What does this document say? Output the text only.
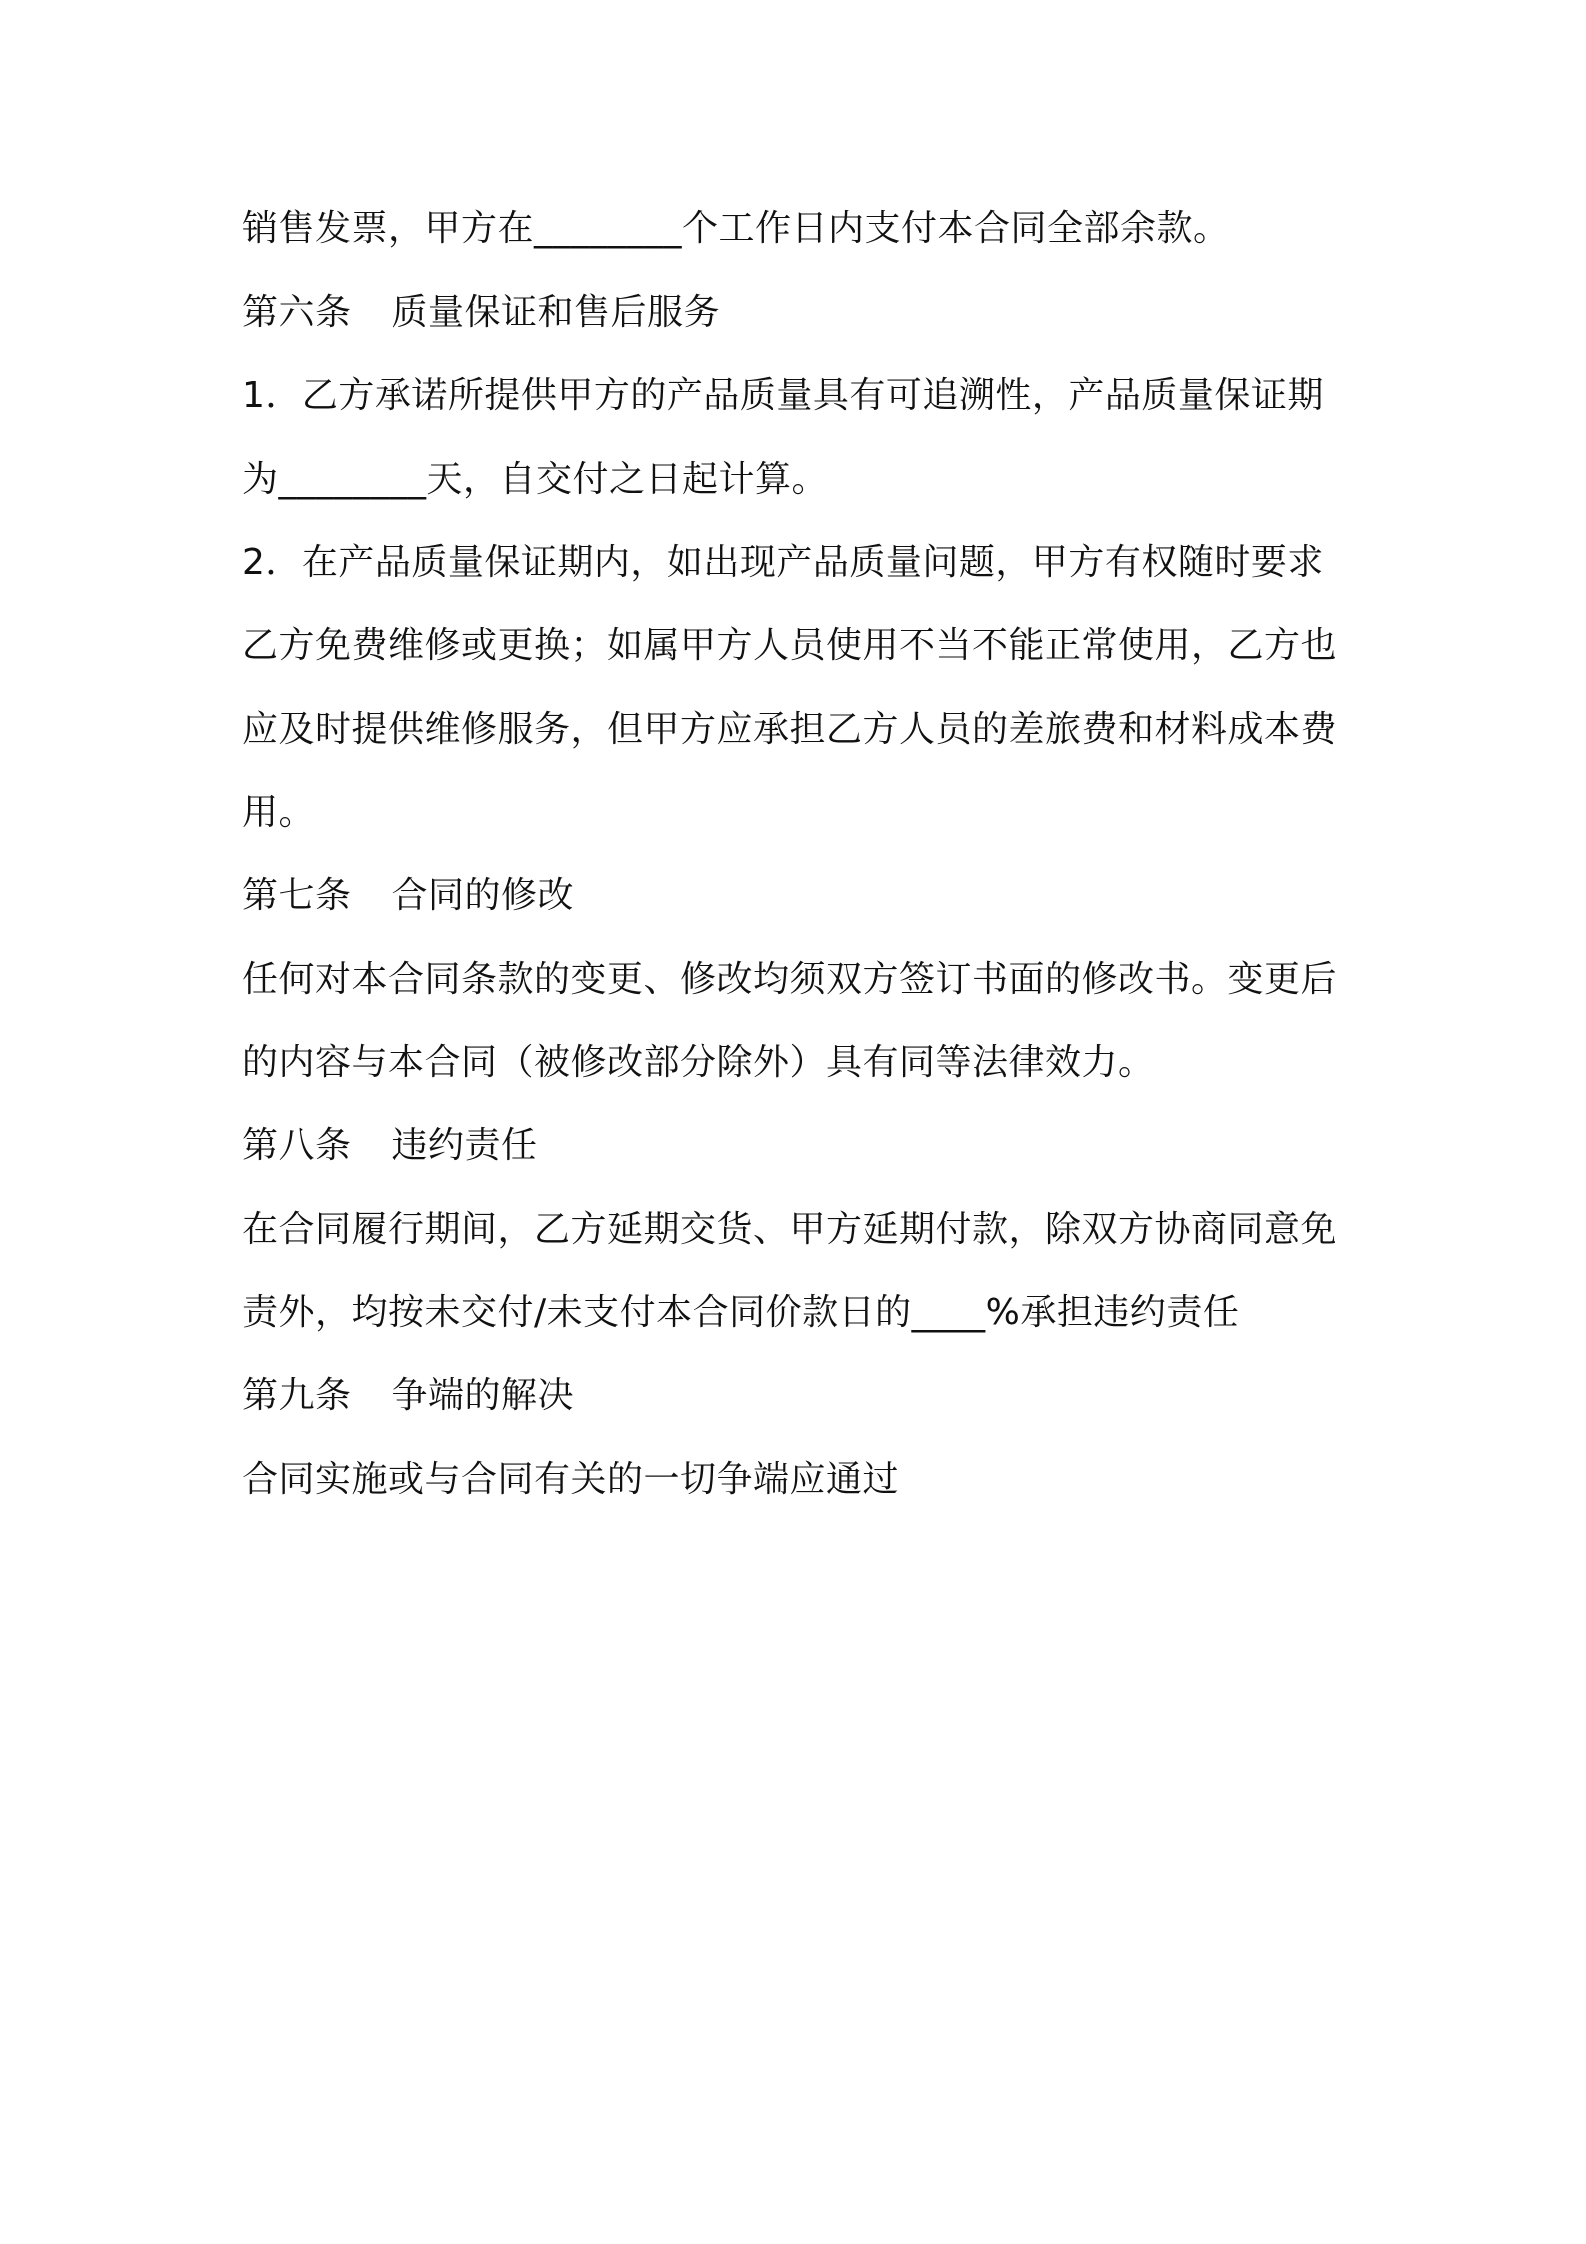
销售发票，甲方在________个工作日内支付本合同全部余款。
第六条 质量保证和售后服务
1．乙方承诺所提供甲方的产品质量具有可追溯性，产品质量保证期
为________天，自交付之日起计算。
2．在产品质量保证期内，如出现产品质量问题，甲方有权随时要求
乙方免费维修或更换；如属甲方人员使用不当不能正常使用，乙方也
应及时提供维修服务，但甲方应承担乙方人员的差旅费和材料成本费
用。
第七条 合同的修改
任何对本合同条款的变更、修改均须双方签订书面的修改书。变更后
的内容与本合同（被修改部分除外）具有同等法律效力。
第八条 违约责任
在合同履行期间，乙方延期交货、甲方延期付款，除双方协商同意免
责外，均按未交付/未支付本合同价款日的____%承担违约责任
第九条 争端的解决
合同实施或与合同有关的一切争端应通过
